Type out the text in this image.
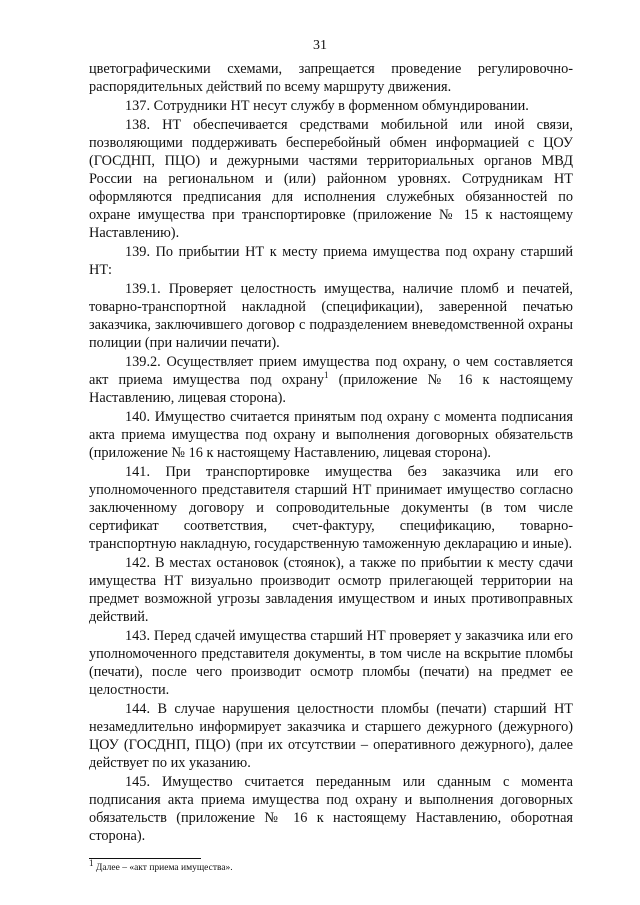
31

цветографическими схемами, запрещается проведение регулировочно-распорядительных действий по всему маршруту движения.

137. Сотрудники НТ несут службу в форменном обмундировании.

138. НТ обеспечивается средствами мобильной или иной связи, позволяющими поддерживать бесперебойный обмен информацией с ЦОУ (ГОСДНП, ПЦО) и дежурными частями территориальных органов МВД России на региональном и (или) районном уровнях. Сотрудникам НТ оформляются предписания для исполнения служебных обязанностей по охране имущества при транспортировке (приложение № 15 к настоящему Наставлению).

139. По прибытии НТ к месту приема имущества под охрану старший НТ:

139.1. Проверяет целостность имущества, наличие пломб и печатей, товарно-транспортной накладной (спецификации), заверенной печатью заказчика, заключившего договор с подразделением вневедомственной охраны полиции (при наличии печати).

139.2. Осуществляет прием имущества под охрану, о чем составляется акт приема имущества под охрану$^1$ (приложение № 16 к настоящему Наставлению, лицевая сторона).

140. Имущество считается принятым под охрану с момента подписания акта приема имущества под охрану и выполнения договорных обязательств (приложение № 16 к настоящему Наставлению, лицевая сторона).

141. При транспортировке имущества без заказчика или его уполномоченного представителя старший НТ принимает имущество согласно заключенному договору и сопроводительные документы (в том числе сертификат соответствия, счет-фактуру, спецификацию, товарно-транспортную накладную, государственную таможенную декларацию и иные).

142. В местах остановок (стоянок), а также по прибытии к месту сдачи имущества НТ визуально производит осмотр прилегающей территории на предмет возможной угрозы завладения имуществом и иных противоправных действий.

143. Перед сдачей имущества старший НТ проверяет у заказчика или его уполномоченного представителя документы, в том числе на вскрытие пломбы (печати), после чего производит осмотр пломбы (печати) на предмет ее целостности.

144. В случае нарушения целостности пломбы (печати) старший НТ незамедлительно информирует заказчика и старшего дежурного (дежурного) ЦОУ (ГОСДНП, ПЦО) (при их отсутствии – оперативного дежурного), далее действует по их указанию.

145. Имущество считается переданным или сданным с момента подписания акта приема имущества под охрану и выполнения договорных обязательств (приложение № 16 к настоящему Наставлению, оборотная сторона).

$^1$ Далее – «акт приема имущества».
